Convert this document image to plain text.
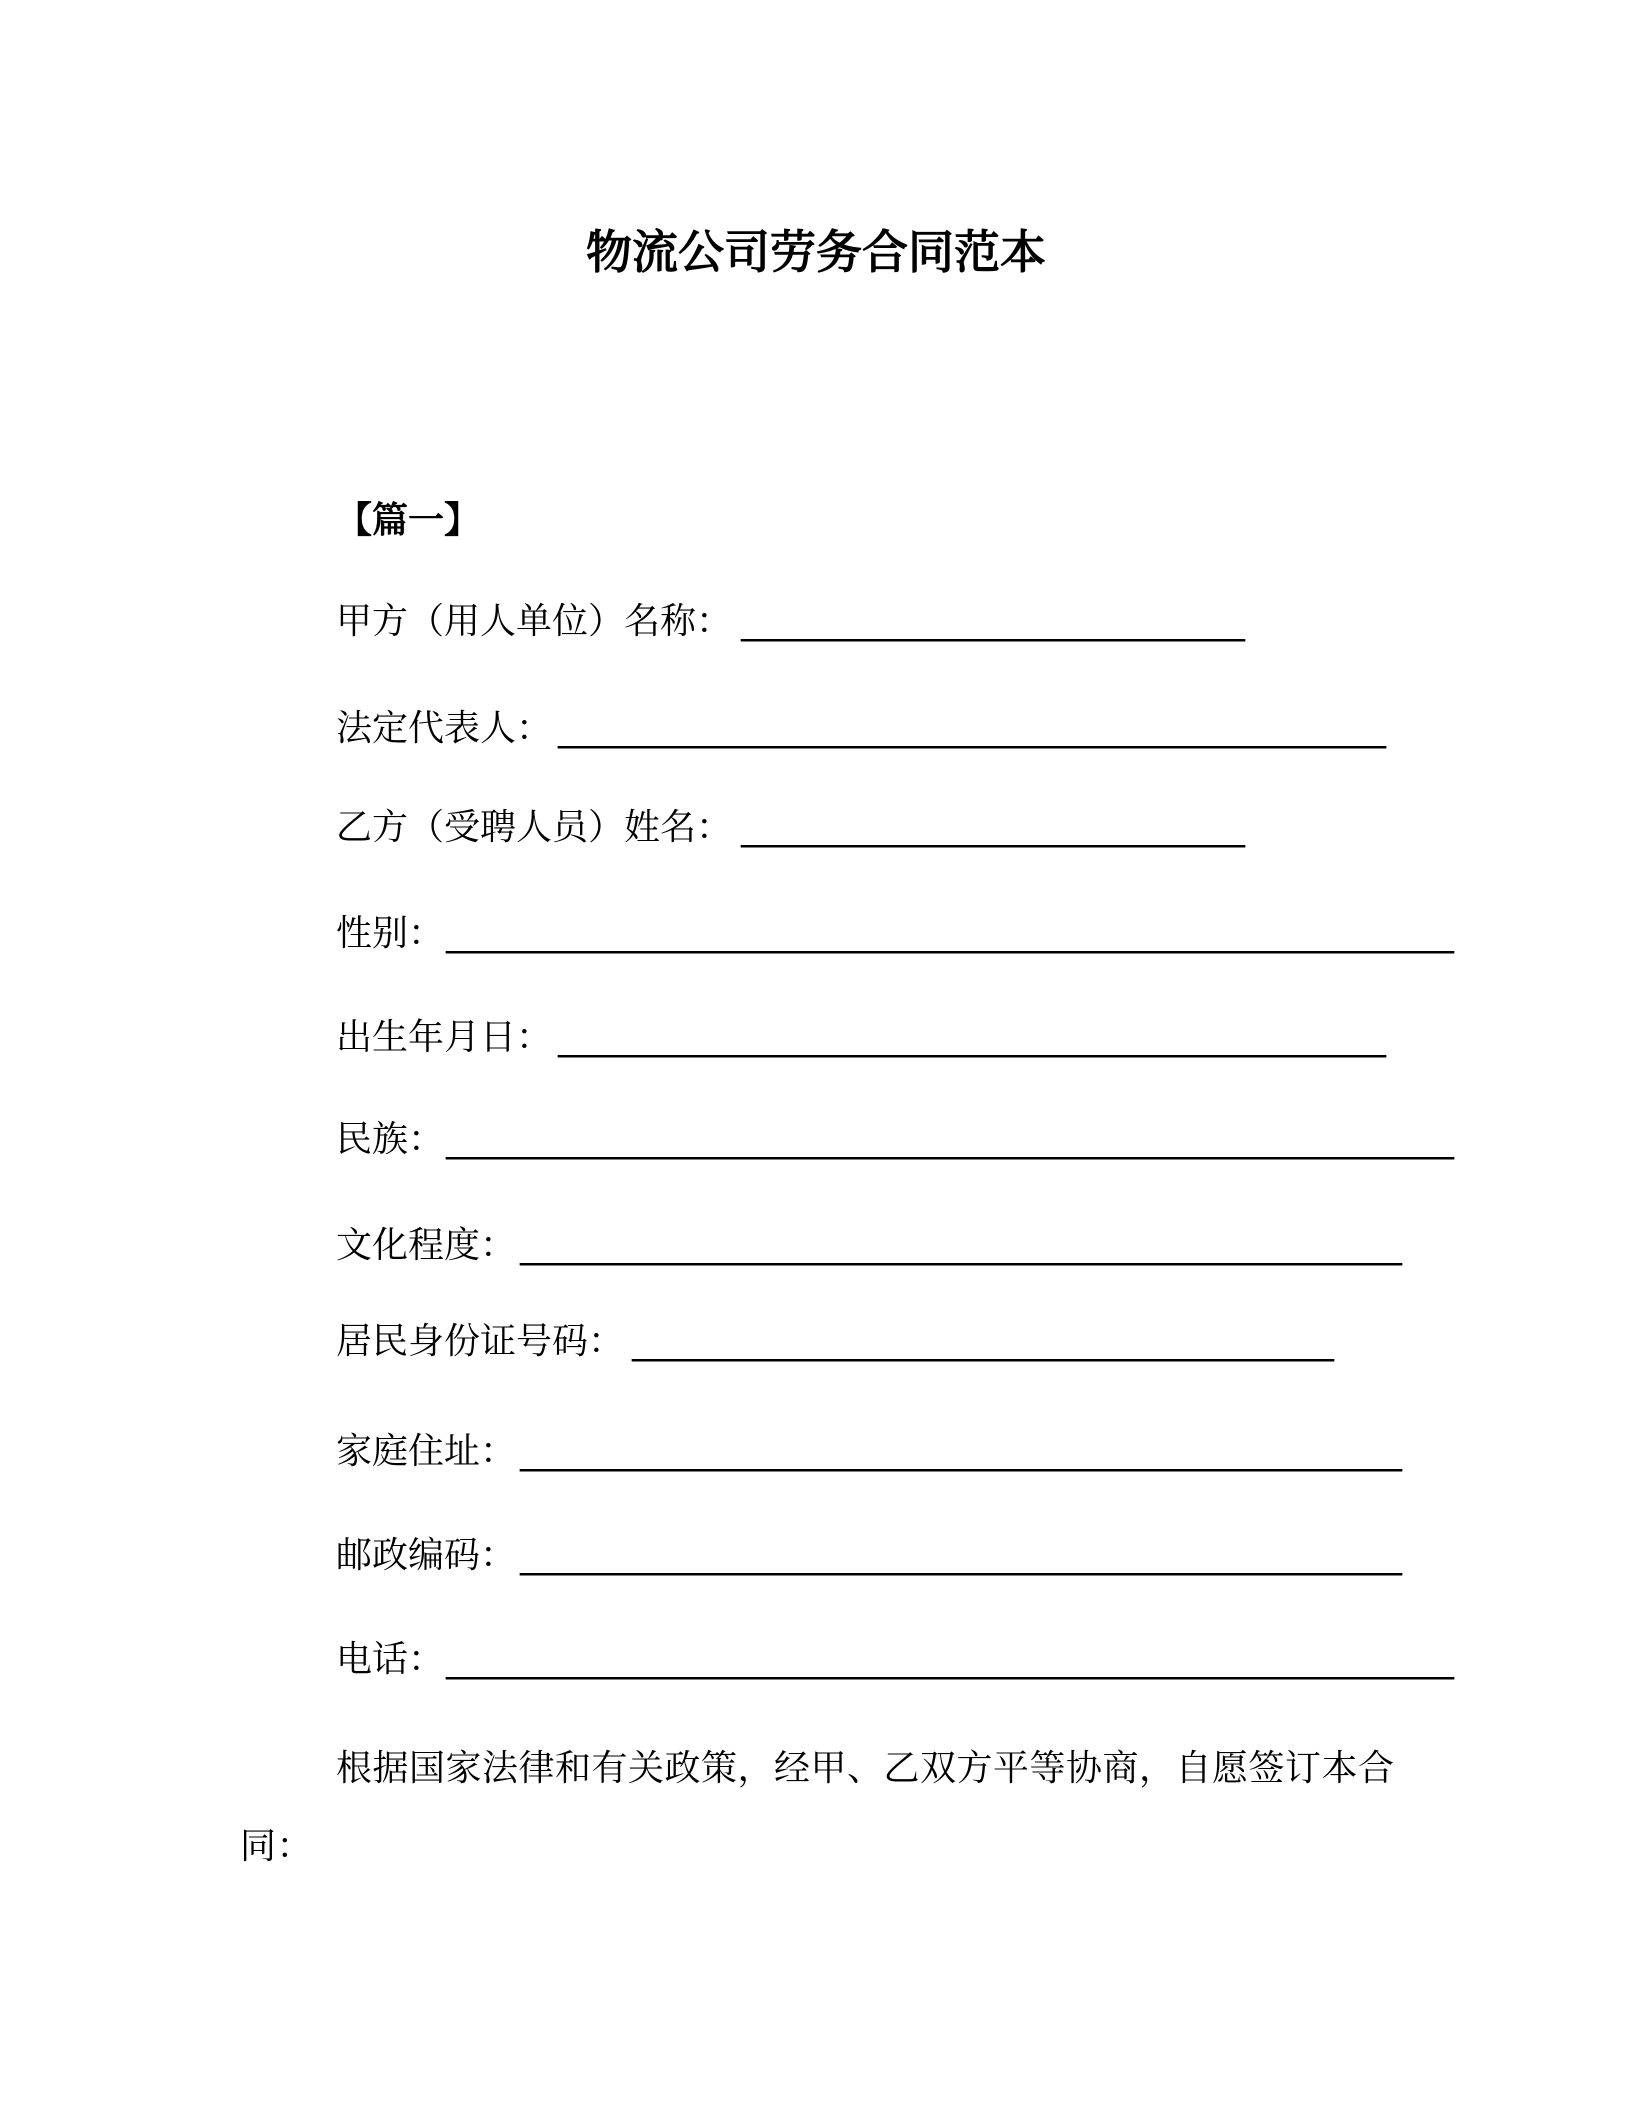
物流公司劳务合同范本
【篇一】
甲方（用人单位）名称： ____________________________
法定代表人： ______________________________________________
乙方（受聘人员）姓名： ____________________________
性别： ________________________________________________________
出生年月日： ______________________________________________
民族： ________________________________________________________
文化程度： _________________________________________________
居民身份证号码： _______________________________________
家庭住址： _________________________________________________
邮政编码： _________________________________________________
电话： ________________________________________________________
根据国家法律和有关政策，经甲、乙双方平等协商，自愿签订本合同：
